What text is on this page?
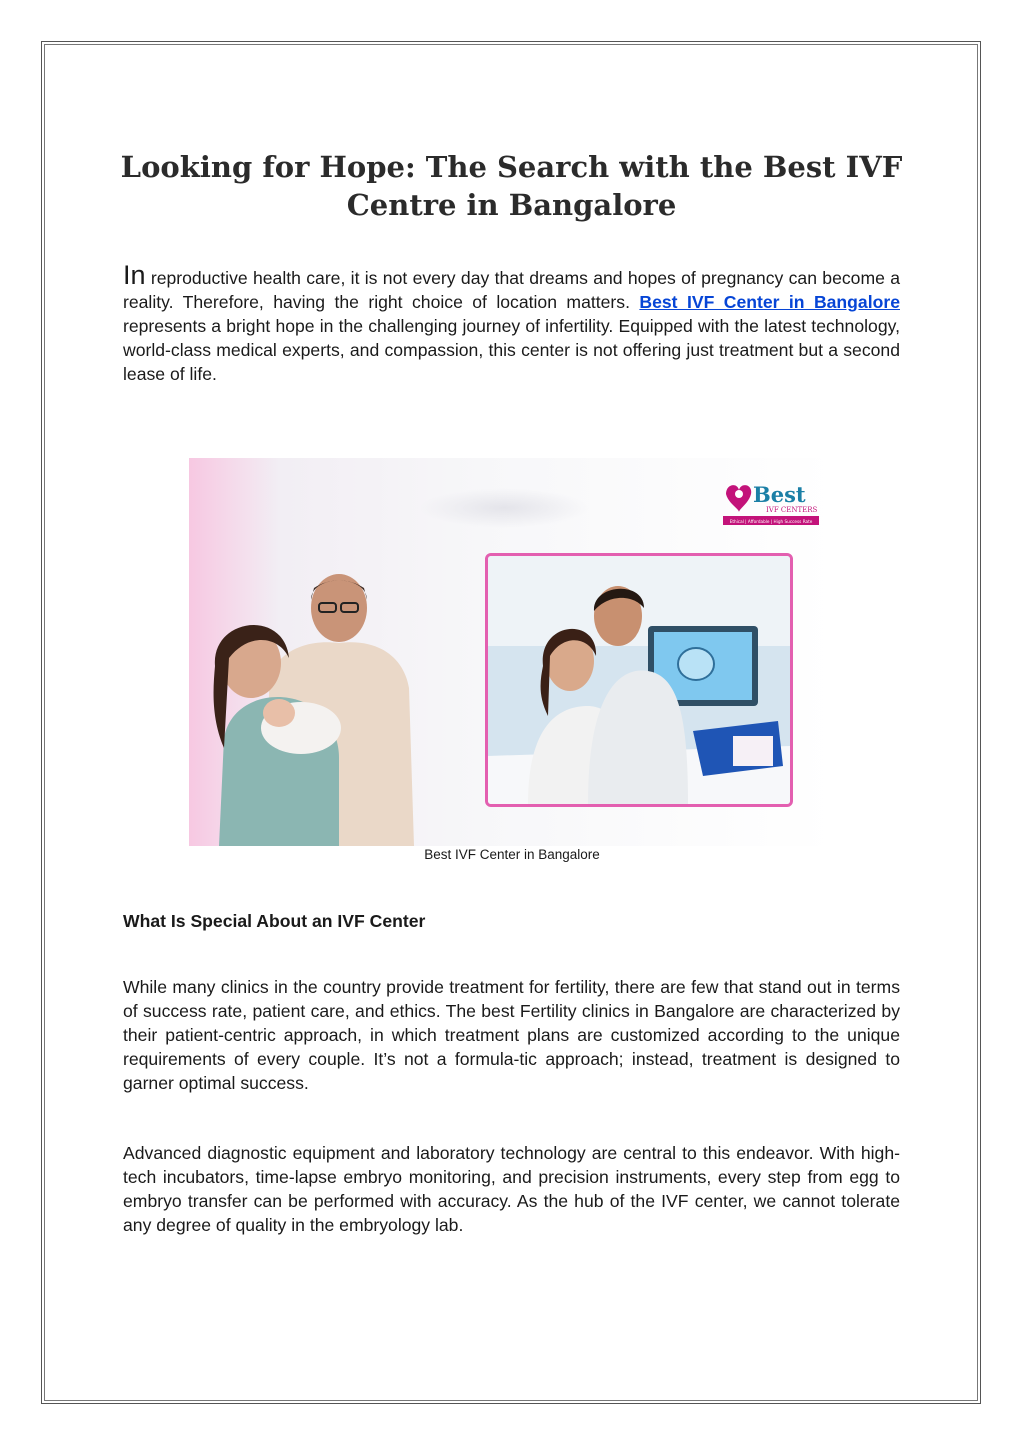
Looking for Hope: The Search with the Best IVF Centre in Bangalore

In reproductive health care, it is not every day that dreams and hopes of pregnancy can become a reality. Therefore, having the right choice of location matters. Best IVF Center in Bangalore represents a bright hope in the challenging journey of infertility. Equipped with the latest technology, world-class medical experts, and compassion, this center is not offering just treatment but a second lease of life.

Best
IVF CENTERS
Ethical | Affordable | High Success Rate

Best IVF Center in Bangalore

What Is Special About an IVF Center

While many clinics in the country provide treatment for fertility, there are few that stand out in terms of success rate, patient care, and ethics. The best Fertility clinics in Bangalore are characterized by their patient-centric approach, in which treatment plans are customized according to the unique requirements of every couple. It’s not a formula-tic approach; instead, treatment is designed to garner optimal success.

Advanced diagnostic equipment and laboratory technology are central to this endeavor. With high-tech incubators, time-lapse embryo monitoring, and precision instruments, every step from egg to embryo transfer can be performed with accuracy. As the hub of the IVF center, we cannot tolerate any degree of quality in the embryology lab.
